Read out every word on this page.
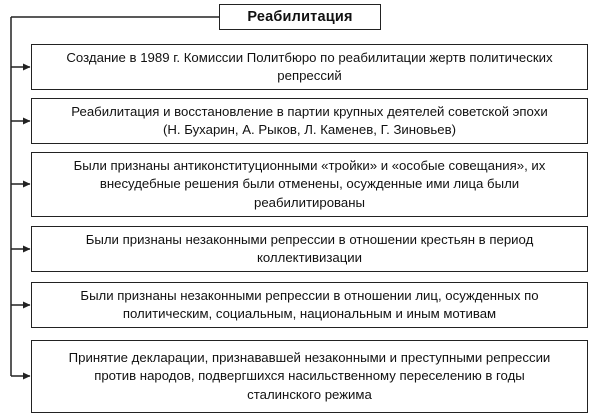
Реабилитация
Создание в 1989 г. Комиссии Политбюро по реабилитации жертв политических
репрессий
Реабилитация и восстановление в партии крупных деятелей советской эпохи
(Н. Бухарин, А. Рыков, Л. Каменев, Г. Зиновьев)
Были признаны антиконституционными «тройки» и «особые совещания», их
внесудебные решения были отменены, осужденные ими лица были
реабилитированы
Были признаны незаконными репрессии в отношении крестьян в период
коллективизации
Были признаны незаконными репрессии в отношении лиц, осужденных по
политическим, социальным, национальным и иным мотивам
Принятие декларации, признававшей незаконными и преступными репрессии
против народов, подвергшихся насильственному переселению в годы
сталинского режима
